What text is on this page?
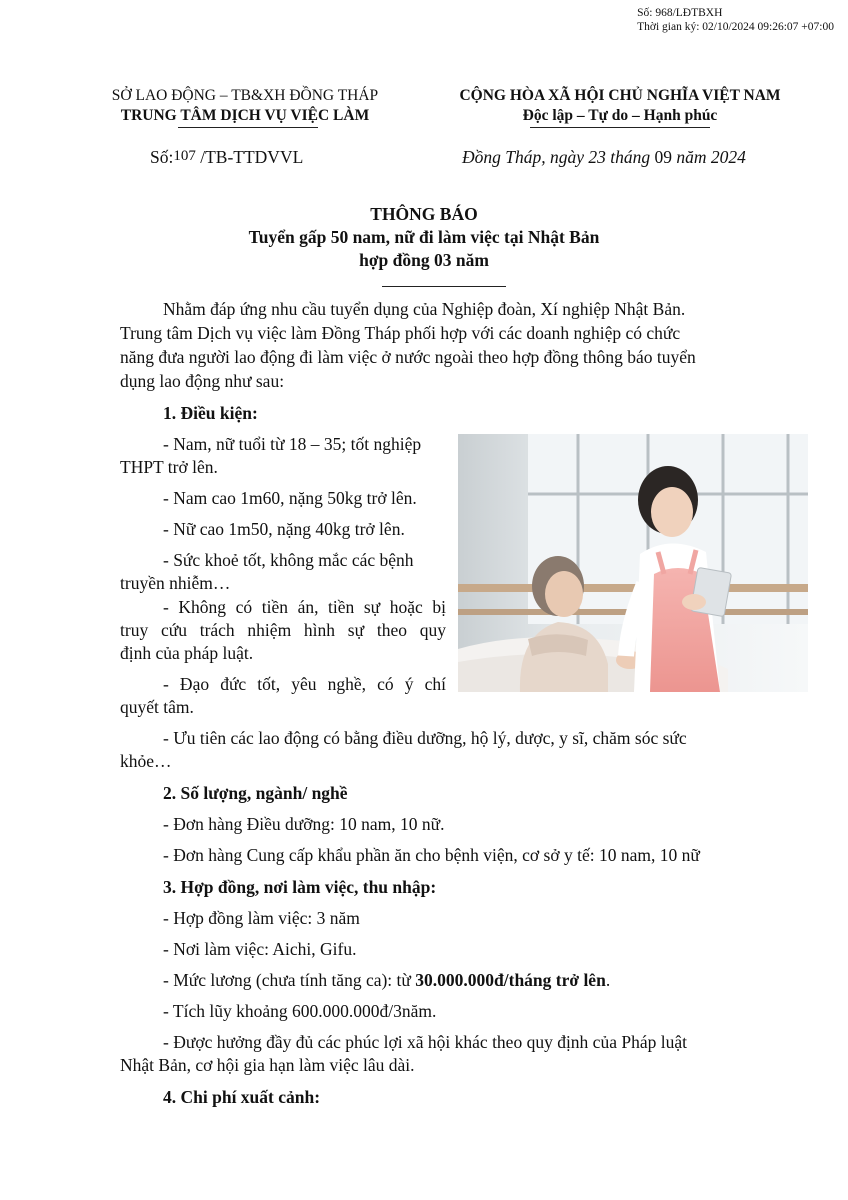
Số: 968/LĐTBXH
Thời gian ký: 02/10/2024 09:26:07 +07:00
SỞ LAO ĐỘNG – TB&XH ĐỒNG THÁP
TRUNG TÂM DỊCH VỤ VIỆC LÀM
CỘNG HÒA XÃ HỘI CHỦ NGHĨA VIỆT NAM
Độc lập – Tự do – Hạnh phúc
Số:107 /TB-TTDVVL	Đồng Tháp, ngày 23 tháng 09 năm 2024
THÔNG BÁO
Tuyển gấp 50 nam, nữ đi làm việc tại Nhật Bản
hợp đồng 03 năm
Nhằm đáp ứng nhu cầu tuyển dụng của Nghiệp đoàn, Xí nghiệp Nhật Bản.
Trung tâm Dịch vụ việc làm Đồng Tháp phối hợp với các doanh nghiệp có chức
năng đưa người lao động đi làm việc ở nước ngoài theo hợp đồng thông báo tuyển
dụng lao động như sau:
1. Điều kiện:
- Nam, nữ tuổi từ 18 – 35; tốt nghiệp
THPT trở lên.
- Nam cao 1m60, nặng 50kg trở lên.
- Nữ cao 1m50, nặng 40kg trở lên.
- Sức khoẻ tốt, không mắc các bệnh
truyền nhiễm…
- Không có tiền án, tiền sự hoặc bị
truy cứu trách nhiệm hình sự theo quy
định của pháp luật.
- Đạo đức tốt, yêu nghề, có ý chí
quyết tâm.
- Ưu tiên các lao động có bằng điều dưỡng, hộ lý, dược, y sĩ, chăm sóc sức
khỏe…
2. Số lượng, ngành/ nghề
- Đơn hàng Điều dưỡng: 10 nam, 10 nữ.
- Đơn hàng Cung cấp khẩu phần ăn cho bệnh viện, cơ sở y tế: 10 nam, 10 nữ
3. Hợp đồng, nơi làm việc, thu nhập:
- Hợp đồng làm việc: 3 năm
- Nơi làm việc: Aichi, Gifu.
- Mức lương (chưa tính tăng ca): từ 30.000.000đ/tháng trở lên.
- Tích lũy khoảng 600.000.000đ/3năm.
- Được hưởng đầy đủ các phúc lợi xã hội khác theo quy định của Pháp luật
Nhật Bản, cơ hội gia hạn làm việc lâu dài.
4. Chi phí xuất cảnh:
